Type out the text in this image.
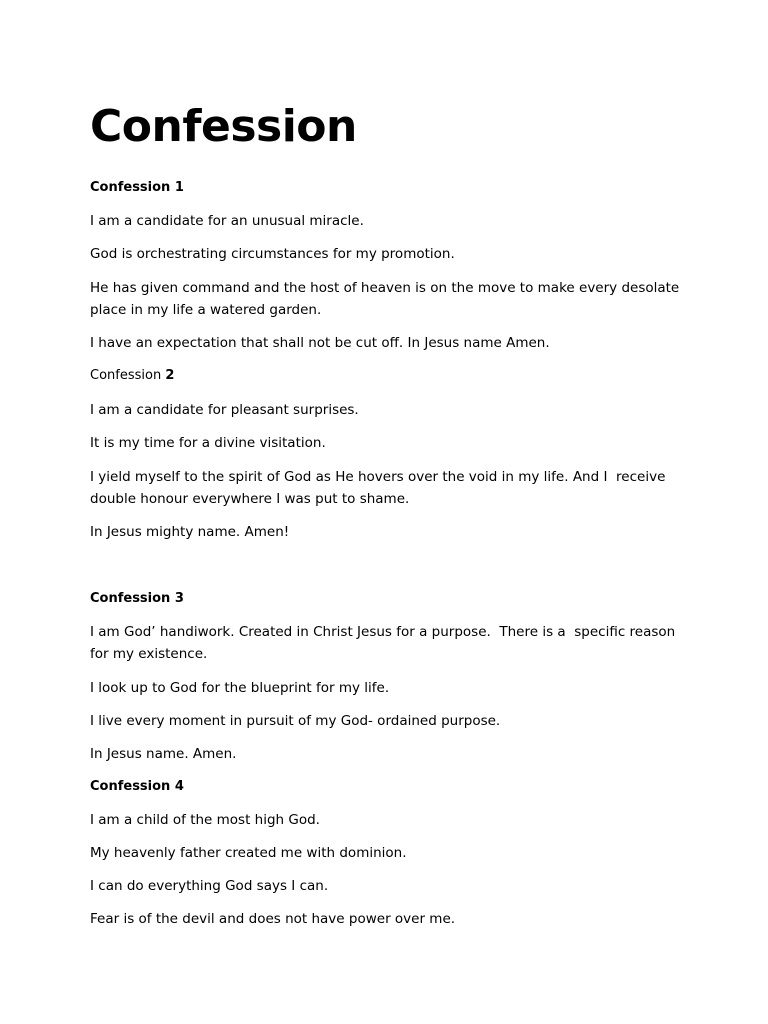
Confession

Confession 1

I am a candidate for an unusual miracle.

God is orchestrating circumstances for my promotion.

He has given command and the host of heaven is on the move to make every desolate place in my life a watered garden.

I have an expectation that shall not be cut off. In Jesus name Amen.

Confession 2

I am a candidate for pleasant surprises.

It is my time for a divine visitation.

I yield myself to the spirit of God as He hovers over the void in my life. And I  receive double honour everywhere I was put to shame.

In Jesus mighty name. Amen!

Confession 3

I am God’ handiwork. Created in Christ Jesus for a purpose.  There is a  specific reason for my existence.

I look up to God for the blueprint for my life.

I live every moment in pursuit of my God- ordained purpose.

In Jesus name. Amen.

Confession 4

I am a child of the most high God.

My heavenly father created me with dominion.

I can do everything God says I can.

Fear is of the devil and does not have power over me.
